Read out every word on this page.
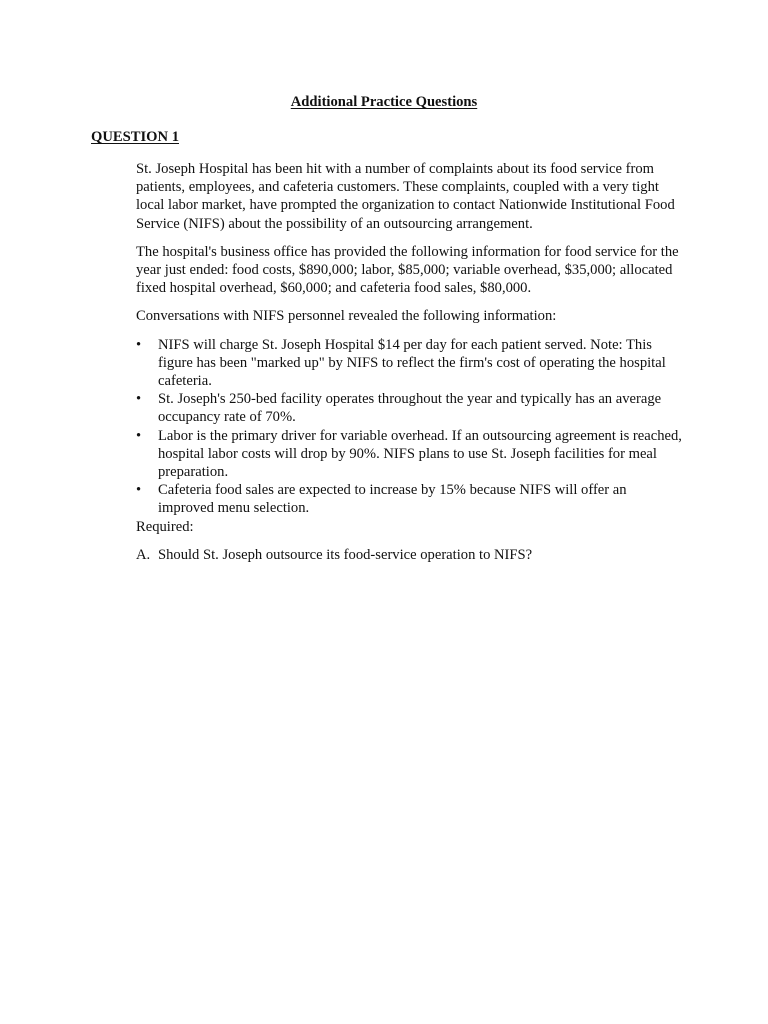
Additional Practice Questions
QUESTION 1

St. Joseph Hospital has been hit with a number of complaints about its food service from patients, employees, and cafeteria customers. These complaints, coupled with a very tight local labor market, have prompted the organization to contact Nationwide Institutional Food Service (NIFS) about the possibility of an outsourcing arrangement.

The hospital's business office has provided the following information for food service for the year just ended: food costs, $890,000; labor, $85,000; variable overhead, $35,000; allocated fixed hospital overhead, $60,000; and cafeteria food sales, $80,000.

Conversations with NIFS personnel revealed the following information:

• NIFS will charge St. Joseph Hospital $14 per day for each patient served. Note: This figure has been "marked up" by NIFS to reflect the firm's cost of operating the hospital cafeteria.
• St. Joseph's 250-bed facility operates throughout the year and typically has an average occupancy rate of 70%.
• Labor is the primary driver for variable overhead. If an outsourcing agreement is reached, hospital labor costs will drop by 90%. NIFS plans to use St. Joseph facilities for meal preparation.
• Cafeteria food sales are expected to increase by 15% because NIFS will offer an improved menu selection.

Required:

A. Should St. Joseph outsource its food-service operation to NIFS?
